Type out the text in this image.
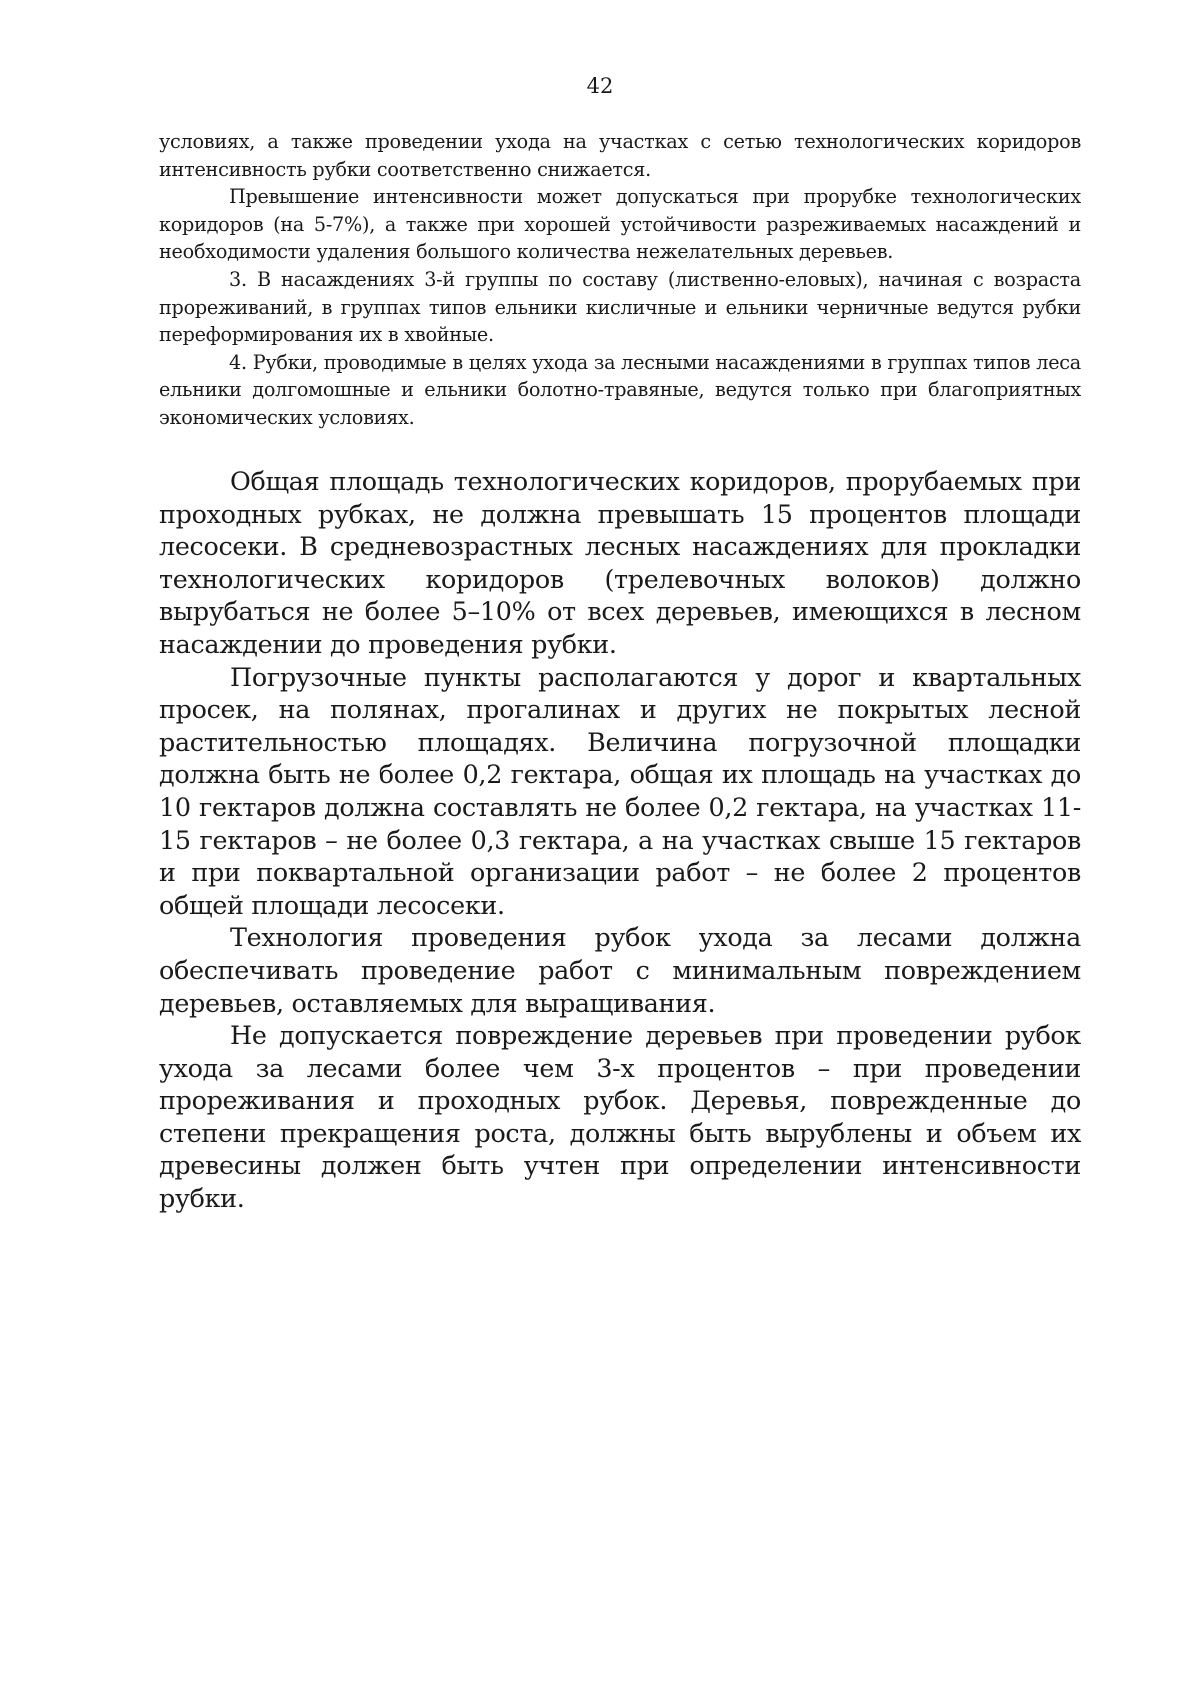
42

условиях, а также проведении ухода на участках с сетью технологических коридоров интенсивность рубки соответственно снижается.

Превышение интенсивности может допускаться при прорубке технологических коридоров (на 5-7%), а также при хорошей устойчивости разреживаемых насаждений и необходимости удаления большого количества нежелательных деревьев.

3. В насаждениях 3-й группы по составу (лиственно-еловых), начиная с возраста прореживаний, в группах типов ельники кисличные и ельники черничные ведутся рубки переформирования их в хвойные.

4. Рубки, проводимые в целях ухода за лесными насаждениями в группах типов леса ельники долгомошные и ельники болотно-травяные, ведутся только при благоприятных экономических условиях.

Общая площадь технологических коридоров, прорубаемых при проходных рубках, не должна превышать 15 процентов площади лесосеки. В средневозрастных лесных насаждениях для прокладки технологических коридоров (трелевочных волоков) должно вырубаться не более 5–10% от всех деревьев, имеющихся в лесном насаждении до проведения рубки.

Погрузочные пункты располагаются у дорог и квартальных просек, на полянах, прогалинах и других не покрытых лесной растительностью площадях. Величина погрузочной площадки должна быть не более 0,2 гектара, общая их площадь на участках до 10 гектаров должна составлять не более 0,2 гектара, на участках 11-15 гектаров – не более 0,3 гектара, а на участках свыше 15 гектаров и при поквартальной организации работ – не более 2 процентов общей площади лесосеки.

Технология проведения рубок ухода за лесами должна обеспечивать проведение работ с минимальным повреждением деревьев, оставляемых для выращивания.

Не допускается повреждение деревьев при проведении рубок ухода за лесами более чем 3-х процентов – при проведении прореживания и проходных рубок. Деревья, поврежденные до степени прекращения роста, должны быть вырублены и объем их древесины должен быть учтен при определении интенсивности рубки.
